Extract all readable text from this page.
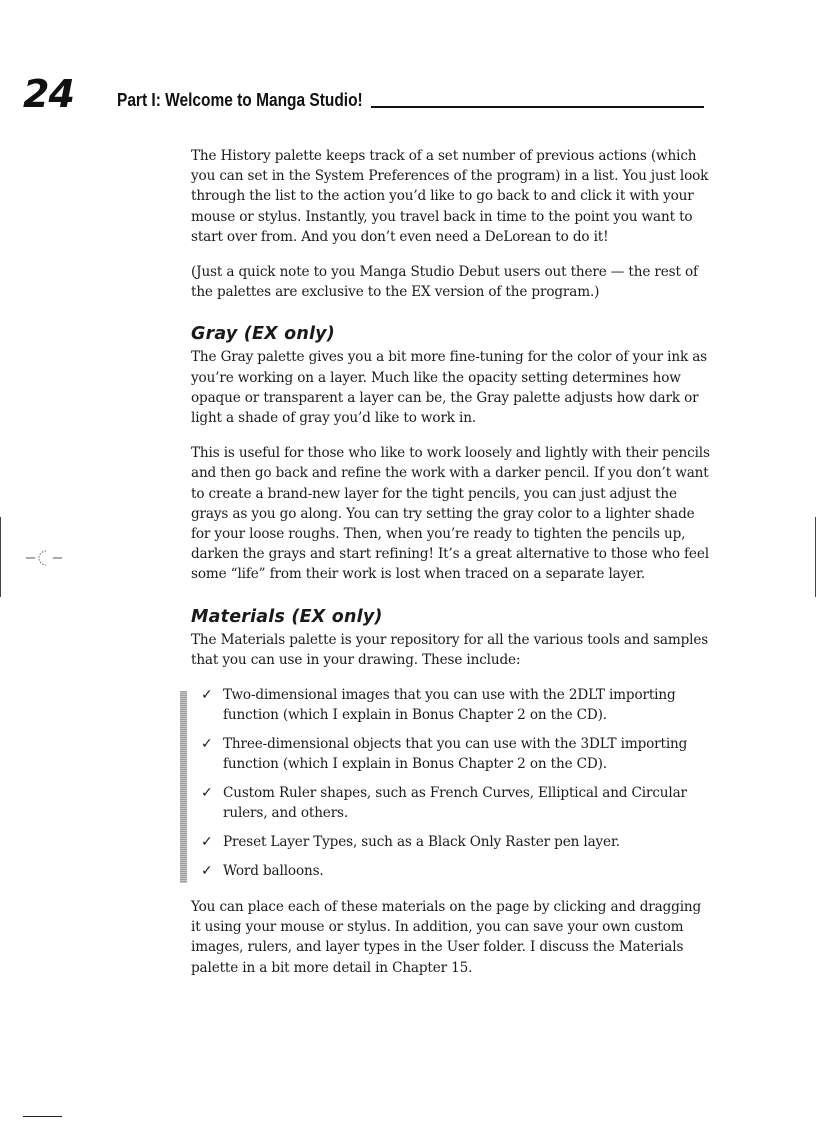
24 Part I: Welcome to Manga Studio!

The History palette keeps track of a set number of previous actions (which you can set in the System Preferences of the program) in a list. You just look through the list to the action you’d like to go back to and click it with your mouse or stylus. Instantly, you travel back in time to the point you want to start over from. And you don’t even need a DeLorean to do it!

(Just a quick note to you Manga Studio Debut users out there — the rest of the palettes are exclusive to the EX version of the program.)

Gray (EX only)

The Gray palette gives you a bit more fine-tuning for the color of your ink as you’re working on a layer. Much like the opacity setting determines how opaque or transparent a layer can be, the Gray palette adjusts how dark or light a shade of gray you’d like to work in.

This is useful for those who like to work loosely and lightly with their pencils and then go back and refine the work with a darker pencil. If you don’t want to create a brand-new layer for the tight pencils, you can just adjust the grays as you go along. You can try setting the gray color to a lighter shade for your loose roughs. Then, when you’re ready to tighten the pencils up, darken the grays and start refining! It’s a great alternative to those who feel some “life” from their work is lost when traced on a separate layer.

Materials (EX only)

The Materials palette is your repository for all the various tools and samples that you can use in your drawing. These include:

✓ Two-dimensional images that you can use with the 2DLT importing function (which I explain in Bonus Chapter 2 on the CD).
✓ Three-dimensional objects that you can use with the 3DLT importing function (which I explain in Bonus Chapter 2 on the CD).
✓ Custom Ruler shapes, such as French Curves, Elliptical and Circular rulers, and others.
✓ Preset Layer Types, such as a Black Only Raster pen layer.
✓ Word balloons.

You can place each of these materials on the page by clicking and dragging it using your mouse or stylus. In addition, you can save your own custom images, rulers, and layer types in the User folder. I discuss the Materials palette in a bit more detail in Chapter 15.
